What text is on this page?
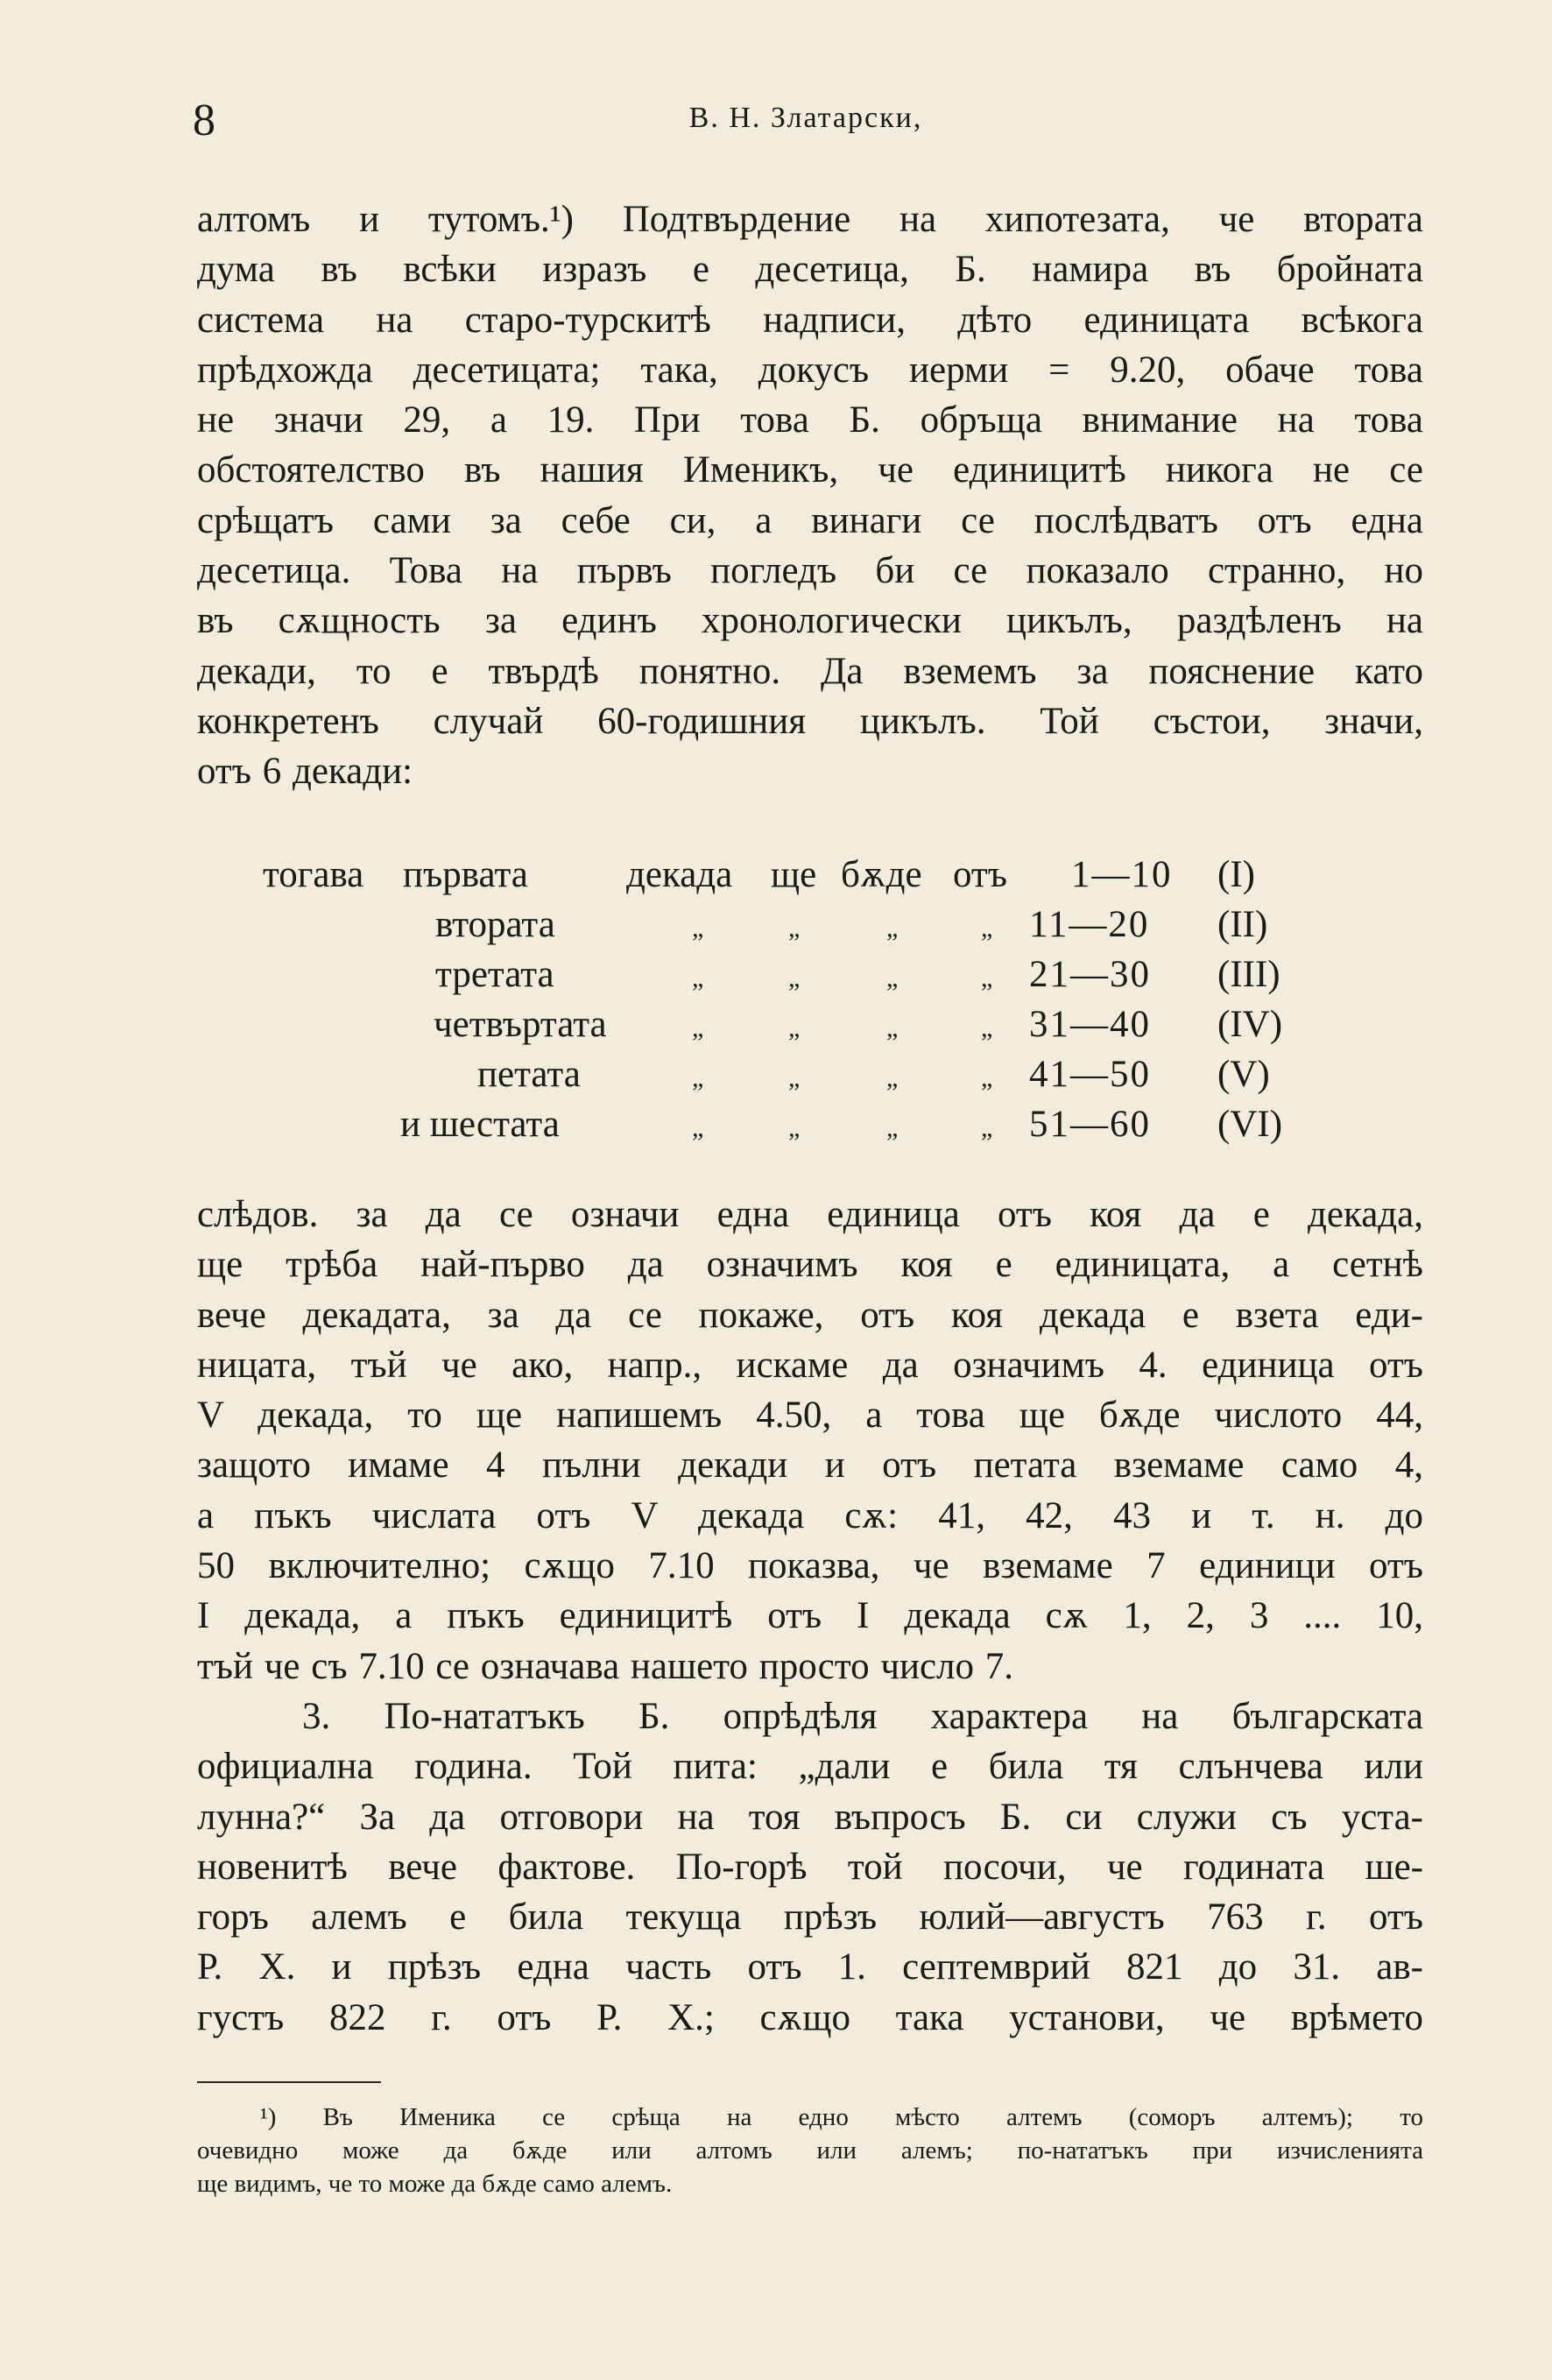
8	В. Н. Златарски,
алтомъ и тутомъ.¹) Подтвърдение на хипотезата, че втората
дума въ всѣки изразъ е десетица, Б. намира въ бройната
система на старо-турскитѣ надписи, дѣто единицата всѣкога
прѣдхожда десетицата; така, докусъ иерми = 9.20, обаче това
не значи 29, а 19. При това Б. обръща внимание на това
обстоятелство въ нашия Именикъ, че единицитѣ никога не се
срѣщатъ сами за себе си, а винаги се послѣдватъ отъ една
десетица. Това на първъ погледъ би се показало странно, но
въ сѫщность за единъ хронологически цикълъ, раздѣленъ на
декади, то е твърдѣ понятно. Да вземемъ за пояснение като
конкретенъ случай 60-годишния цикълъ. Той състои, значи,
отъ 6 декади:
тогава първата	декада ще бѫде отъ 1—10 (I)
втората	„	„	„	„ 11—20 (II)
третата	„	„	„	„ 21—30 (III)
четвъртата	„	„	„	„ 31—40 (IV)
петата	„	„	„	„ 41—50 (V)
и шестата	„	„	„	„ 51—60 (VI)
слѣдов. за да се означи една единица отъ коя да е декада,
ще трѣба най-първо да означимъ коя е единицата, а сетнѣ
вече декадата, за да се покаже, отъ коя декада е взета еди-
ницата, тъй че ако, напр., искаме да означимъ 4. единица отъ
V декада, то ще напишемъ 4.50, а това ще бѫде числото 44,
защото имаме 4 пълни декади и отъ петата вземаме само 4,
а пъкъ числата отъ V декада сѫ: 41, 42, 43 и т. н. до
50 включително; сѫщо 7.10 показва, че вземаме 7 единици отъ
I декада, а пъкъ единицитѣ отъ I декада сѫ 1, 2, 3 .... 10,
тъй че съ 7.10 се означава нашето просто число 7.
3. По-нататъкъ Б. опрѣдѣля характера на българската
официална година. Той пита: „дали е била тя слънчева или
лунна?“ За да отговори на тоя въпросъ Б. си служи съ уста-
новенитѣ вече фактове. По-горѣ той посочи, че годината ше-
горъ алемъ е била текуща прѣзъ юлий—августъ 763 г. отъ
Р. Х. и прѣзъ една часть отъ 1. септемврий 821 до 31. ав-
густъ 822 г. отъ Р. Х.; сѫщо така установи, че врѣмето
¹) Въ Именика се срѣща на едно мѣсто алтемъ (соморъ алтемъ); то
очевидно може да бѫде или алтомъ или алемъ; по-нататъкъ при изчисленията
ще видимъ, че то може да бѫде само алемъ.
